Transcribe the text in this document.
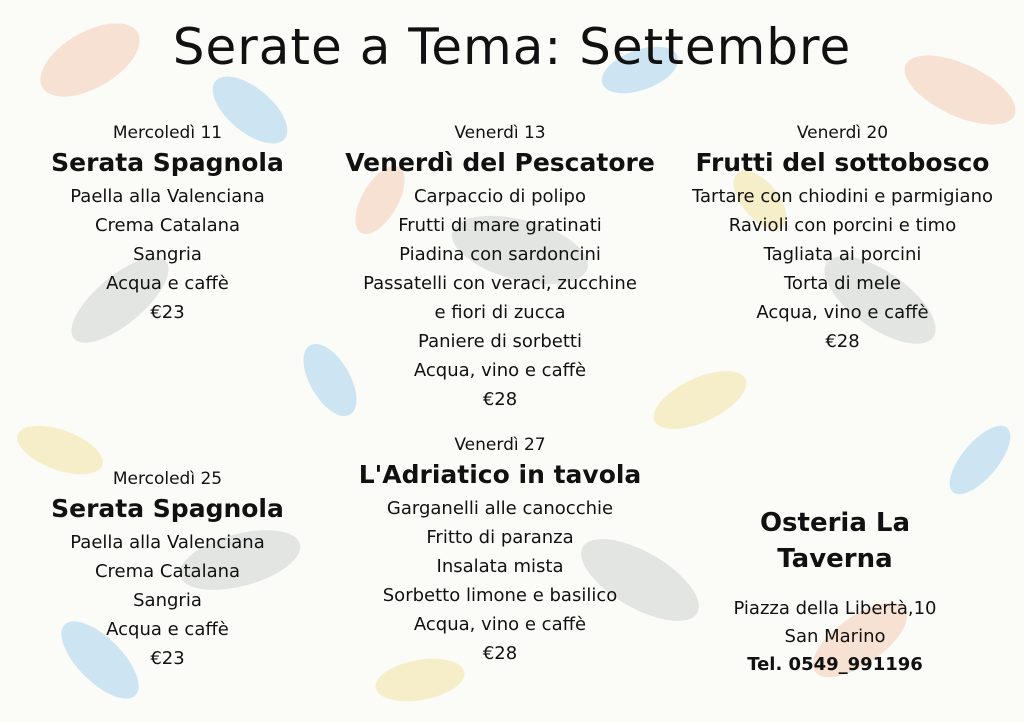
Serate a Tema: Settembre
Mercoledì 11
Serata Spagnola
Paella alla Valenciana
Crema Catalana
Sangria
Acqua e caffè
€23
Venerdì 13
Venerdì del Pescatore
Carpaccio di polipo
Frutti di mare gratinati
Piadina con sardoncini
Passatelli con veraci, zucchine
e fiori di zucca
Paniere di sorbetti
Acqua, vino e caffè
€28
Venerdì 20
Frutti del sottobosco
Tartare con chiodini e parmigiano
Ravioli con porcini e timo
Tagliata ai porcini
Torta di mele
Acqua, vino e caffè
€28
Mercoledì 25
Serata Spagnola
Paella alla Valenciana
Crema Catalana
Sangria
Acqua e caffè
€23
Venerdì 27
L'Adriatico in tavola
Garganelli alle canocchie
Fritto di paranza
Insalata mista
Sorbetto limone e basilico
Acqua, vino e caffè
€28
Osteria La Taverna
Piazza della Libertà,10
San Marino
Tel. 0549_991196
